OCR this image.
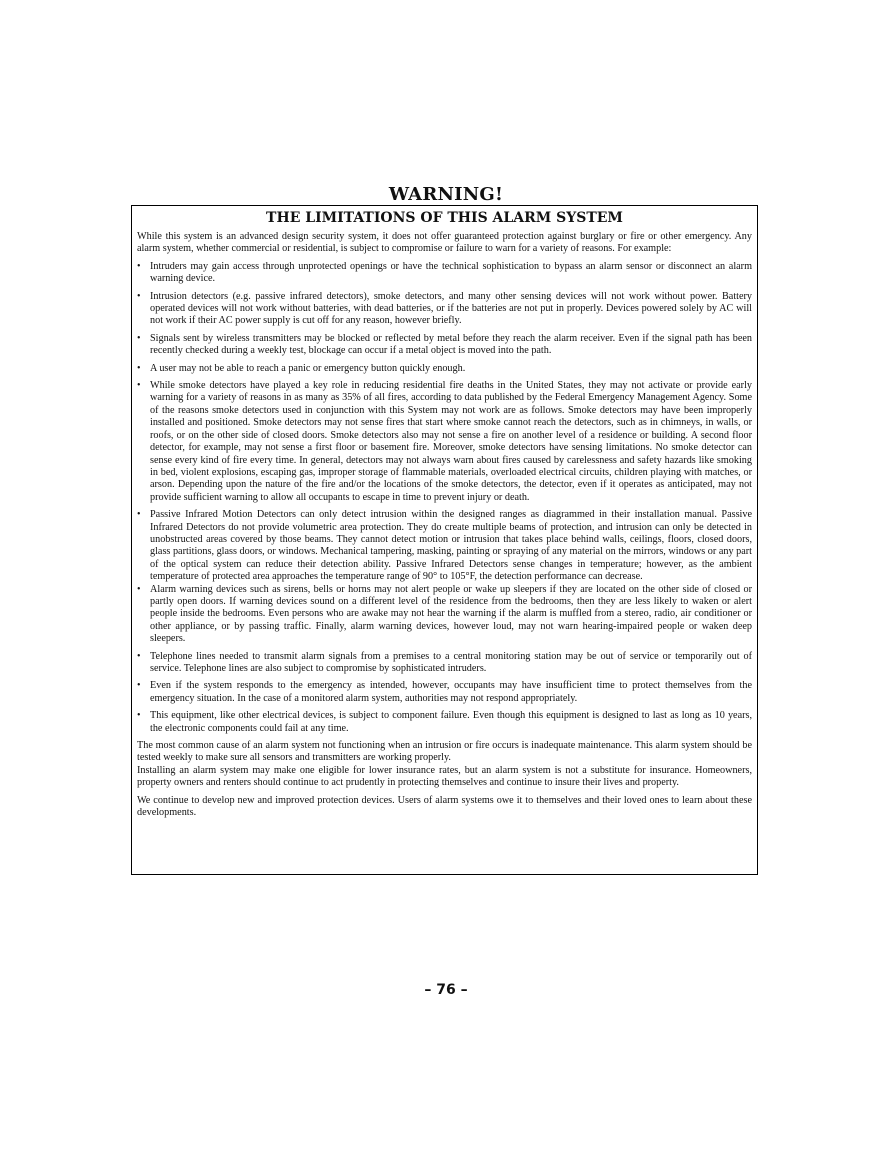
WARNING!
THE LIMITATIONS OF THIS ALARM SYSTEM

While this system is an advanced design security system, it does not offer guaranteed protection against burglary or fire or other emergency. Any alarm system, whether commercial or residential, is subject to compromise or failure to warn for a variety of reasons. For example:

• Intruders may gain access through unprotected openings or have the technical sophistication to bypass an alarm sensor or disconnect an alarm warning device.
• Intrusion detectors (e.g. passive infrared detectors), smoke detectors, and many other sensing devices will not work without power. Battery operated devices will not work without batteries, with dead batteries, or if the batteries are not put in properly. Devices powered solely by AC will not work if their AC power supply is cut off for any reason, however briefly.
• Signals sent by wireless transmitters may be blocked or reflected by metal before they reach the alarm receiver. Even if the signal path has been recently checked during a weekly test, blockage can occur if a metal object is moved into the path.
• A user may not be able to reach a panic or emergency button quickly enough.
• While smoke detectors have played a key role in reducing residential fire deaths in the United States, they may not activate or provide early warning for a variety of reasons in as many as 35% of all fires, according to data published by the Federal Emergency Management Agency. Some of the reasons smoke detectors used in conjunction with this System may not work are as follows. Smoke detectors may have been improperly installed and positioned. Smoke detectors may not sense fires that start where smoke cannot reach the detectors, such as in chimneys, in walls, or roofs, or on the other side of closed doors. Smoke detectors also may not sense a fire on another level of a residence or building. A second floor detector, for example, may not sense a first floor or basement fire. Moreover, smoke detectors have sensing limitations. No smoke detector can sense every kind of fire every time. In general, detectors may not always warn about fires caused by carelessness and safety hazards like smoking in bed, violent explosions, escaping gas, improper storage of flammable materials, overloaded electrical circuits, children playing with matches, or arson. Depending upon the nature of the fire and/or the locations of the smoke detectors, the detector, even if it operates as anticipated, may not provide sufficient warning to allow all occupants to escape in time to prevent injury or death.
• Passive Infrared Motion Detectors can only detect intrusion within the designed ranges as diagrammed in their installation manual. Passive Infrared Detectors do not provide volumetric area protection. They do create multiple beams of protection, and intrusion can only be detected in unobstructed areas covered by those beams. They cannot detect motion or intrusion that takes place behind walls, ceilings, floors, closed doors, glass partitions, glass doors, or windows. Mechanical tampering, masking, painting or spraying of any material on the mirrors, windows or any part of the optical system can reduce their detection ability. Passive Infrared Detectors sense changes in temperature; however, as the ambient temperature of protected area approaches the temperature range of 90° to 105°F, the detection performance can decrease.
• Alarm warning devices such as sirens, bells or horns may not alert people or wake up sleepers if they are located on the other side of closed or partly open doors. If warning devices sound on a different level of the residence from the bedrooms, then they are less likely to waken or alert people inside the bedrooms. Even persons who are awake may not hear the warning if the alarm is muffled from a stereo, radio, air conditioner or other appliance, or by passing traffic. Finally, alarm warning devices, however loud, may not warn hearing-impaired people or waken deep sleepers.
• Telephone lines needed to transmit alarm signals from a premises to a central monitoring station may be out of service or temporarily out of service. Telephone lines are also subject to compromise by sophisticated intruders.
• Even if the system responds to the emergency as intended, however, occupants may have insufficient time to protect themselves from the emergency situation. In the case of a monitored alarm system, authorities may not respond appropriately.
• This equipment, like other electrical devices, is subject to component failure. Even though this equipment is designed to last as long as 10 years, the electronic components could fail at any time.

The most common cause of an alarm system not functioning when an intrusion or fire occurs is inadequate maintenance. This alarm system should be tested weekly to make sure all sensors and transmitters are working properly.

Installing an alarm system may make one eligible for lower insurance rates, but an alarm system is not a substitute for insurance. Homeowners, property owners and renters should continue to act prudently in protecting themselves and continue to insure their lives and property.

We continue to develop new and improved protection devices. Users of alarm systems owe it to themselves and their loved ones to learn about these developments.

– 76 –
